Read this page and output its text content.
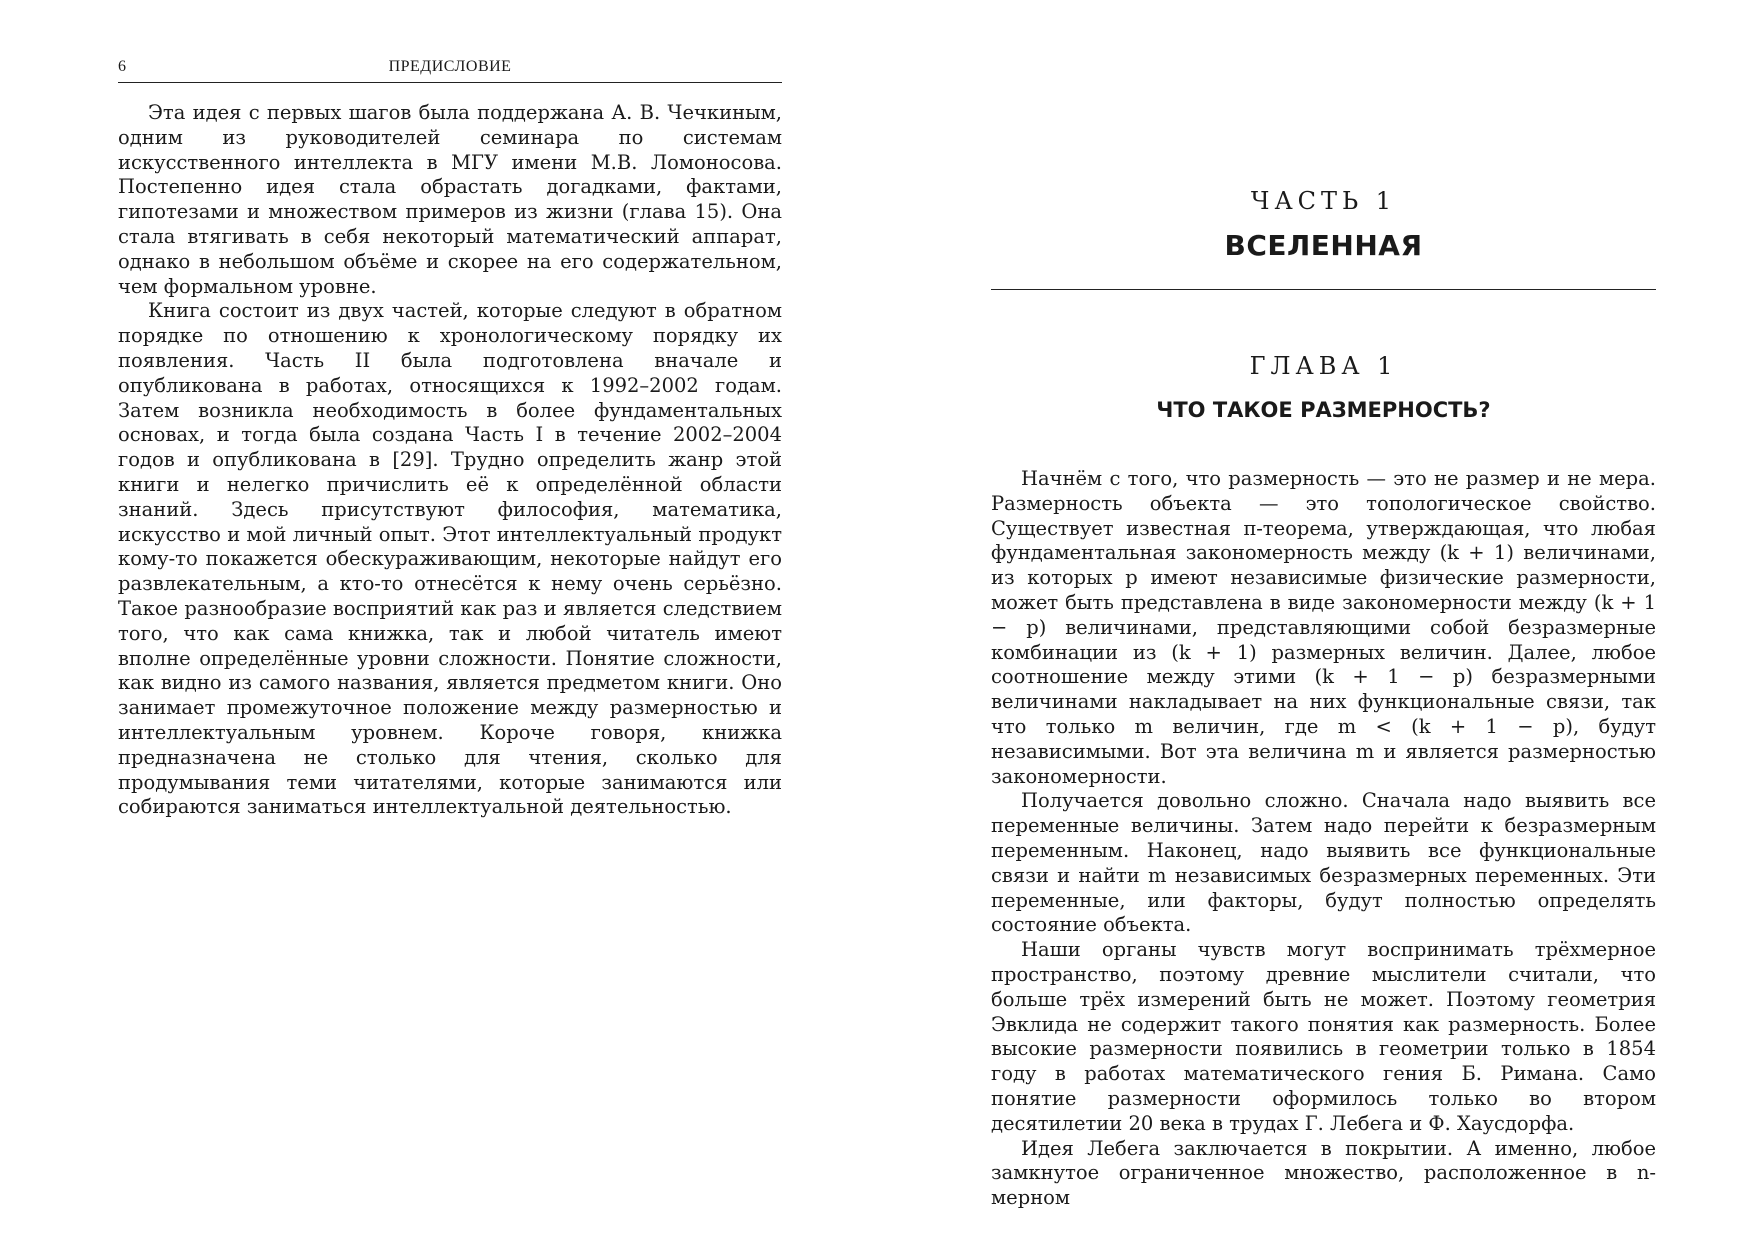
6	ПРЕДИСЛОВИЕ

Эта идея с первых шагов была поддержана А. В. Чечкиным, одним из руководителей семинара по системам искусственного интеллекта в МГУ имени М.В. Ломоносова. Постепенно идея стала обрастать догадками, фактами, гипотезами и множеством примеров из жизни (глава 15). Она стала втягивать в себя некоторый математический аппарат, однако в небольшом объёме и скорее на его содержательном, чем формальном уровне.

Книга состоит из двух частей, которые следуют в обратном порядке по отношению к хронологическому порядку их появления. Часть II была подготовлена вначале и опубликована в работах, относящихся к 1992–2002 годам. Затем возникла необходимость в более фундаментальных основах, и тогда была создана Часть I в течение 2002–2004 годов и опубликована в [29]. Трудно определить жанр этой книги и нелегко причислить её к определённой области знаний. Здесь присутствуют философия, математика, искусство и мой личный опыт. Этот интеллектуальный продукт кому-то покажется обескураживающим, некоторые найдут его развлекательным, а кто-то отнесётся к нему очень серьёзно. Такое разнообразие восприятий как раз и является следствием того, что как сама книжка, так и любой читатель имеют вполне определённые уровни сложности. Понятие сложности, как видно из самого названия, является предметом книги. Оно занимает промежуточное положение между размерностью и интеллектуальным уровнем. Короче говоря, книжка предназначена не столько для чтения, сколько для продумывания теми читателями, которые занимаются или собираются заниматься интеллектуальной деятельностью.

ЧАСТЬ 1
ВСЕЛЕННАЯ
ГЛАВА 1
ЧТО ТАКОЕ РАЗМЕРНОСТЬ?

Начнём с того, что размерность — это не размер и не мера. Размерность объекта — это топологическое свойство. Существует известная π-теорема, утверждающая, что любая фундаментальная закономерность между (k + 1) величинами, из которых p имеют независимые физические размерности, может быть представлена в виде закономерности между (k + 1 − p) величинами, представляющими собой безразмерные комбинации из (k + 1) размерных величин. Далее, любое соотношение между этими (k + 1 − p) безразмерными величинами накладывает на них функциональные связи, так что только m величин, где m < (k + 1 − p), будут независимыми. Вот эта величина m и является размерностью закономерности.

Получается довольно сложно. Сначала надо выявить все переменные величины. Затем надо перейти к безразмерным переменным. Наконец, надо выявить все функциональные связи и найти m независимых безразмерных переменных. Эти переменные, или факторы, будут полностью определять состояние объекта.

Наши органы чувств могут воспринимать трёхмерное пространство, поэтому древние мыслители считали, что больше трёх измерений быть не может. Поэтому геометрия Эвклида не содержит такого понятия как размерность. Более высокие размерности появились в геометрии только в 1854 году в работах математического гения Б. Римана. Само понятие размерности оформилось только во втором десятилетии 20 века в трудах Г. Лебега и Ф. Хаусдорфа.

Идея Лебега заключается в покрытии. А именно, любое замкнутое ограниченное множество, расположенное в n-мерном
